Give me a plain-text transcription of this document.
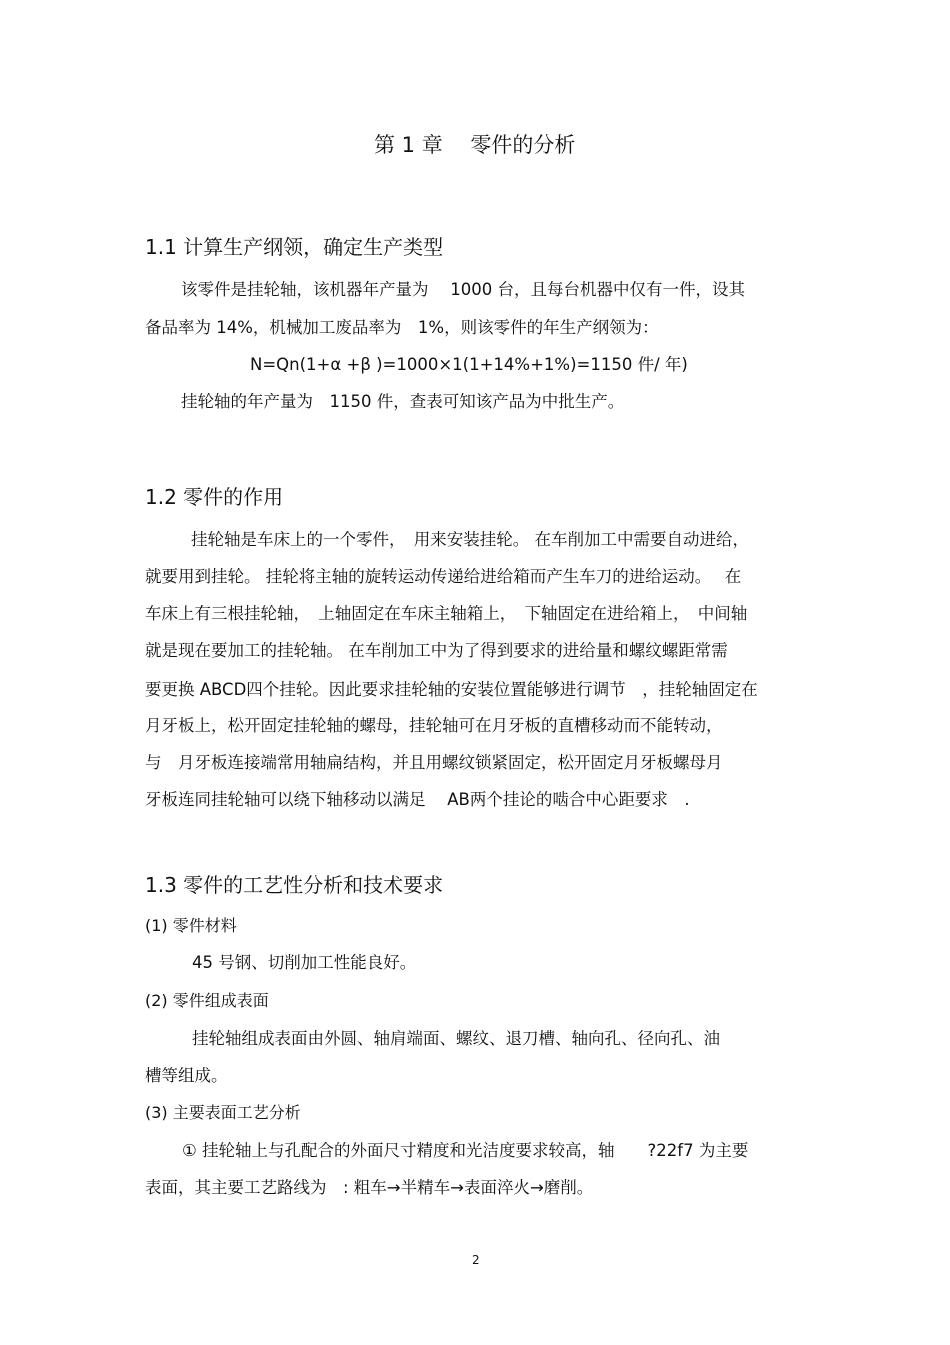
第 1 章　 零件的分析
1.1 计算生产纲领，确定生产类型
该零件是挂轮轴，该机器年产量为　 1000 台，且每台机器中仅有一件，设其
备品率为 14%，机械加工废品率为　1%，则该零件的年生产纲领为：
N=Qn(1+α +β )=1000×1(1+14%+1%)=1150 件/ 年)
挂轮轴的年产量为　1150 件，查表可知该产品为中批生产。
1.2 零件的作用
挂轮轴是车床上的一个零件，　用来安装挂轮。 在车削加工中需要自动进给，
就要用到挂轮。 挂轮将主轴的旋转运动传递给进给箱而产生车刀的进给运动。　 在
车床上有三根挂轮轴，　上轴固定在车床主轴箱上，　下轴固定在进给箱上，　中间轴
就是现在要加工的挂轮轴。 在车削加工中为了得到要求的进给量和螺纹螺距常需
要更换 ABCD四个挂轮。因此要求挂轮轴的安装位置能够进行调节　，挂轮轴固定在
月牙板上，松开固定挂轮轴的螺母，挂轮轴可在月牙板的直槽移动而不能转动，
与　月牙板连接端常用轴扁结构，并且用螺纹锁紧固定，松开固定月牙板螺母月
牙板连同挂轮轴可以绕下轴移动以满足　 AB两个挂论的啮合中心距要求　.
1.3 零件的工艺性分析和技术要求
(1) 零件材料
45 号钢、切削加工性能良好。
(2) 零件组成表面
挂轮轴组成表面由外圆、轴肩端面、螺纹、退刀槽、轴向孔、径向孔、油
槽等组成。
(3) 主要表面工艺分析
① 挂轮轴上与孔配合的外面尺寸精度和光洁度要求较高，轴　　?22f7 为主要
表面，其主要工艺路线为　: 粗车→半精车→表面淬火→磨削。
2
